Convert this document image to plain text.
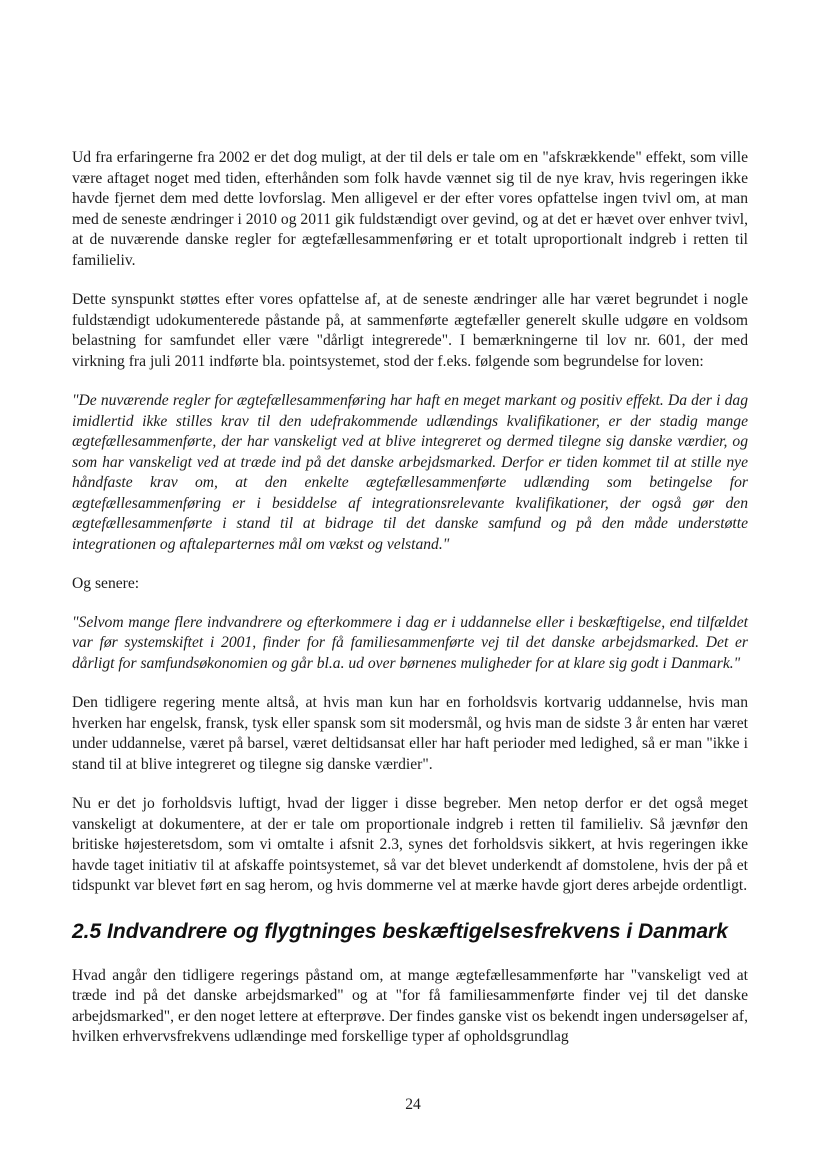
Ud fra erfaringerne fra 2002 er det dog muligt, at der til dels er tale om en "afskrækkende" effekt, som ville være aftaget noget med tiden, efterhånden som folk havde vænnet sig til de nye krav, hvis regeringen ikke havde fjernet dem med dette lovforslag. Men alligevel er der efter vores opfattelse ingen tvivl om, at man med de seneste ændringer i 2010 og 2011 gik fuldstændigt over gevind, og at det er hævet over enhver tvivl, at de nuværende danske regler for ægtefællesammenføring er et totalt uproportionalt indgreb i retten til familieliv.

Dette synspunkt støttes efter vores opfattelse af, at de seneste ændringer alle har været begrundet i nogle fuldstændigt udokumenterede påstande på, at sammenførte ægtefæller generelt skulle udgøre en voldsom belastning for samfundet eller være "dårligt integrerede". I bemærkningerne til lov nr. 601, der med virkning fra juli 2011 indførte bla. pointsystemet, stod der f.eks. følgende som begrundelse for loven:

"De nuværende regler for ægtefællesammenføring har haft en meget markant og positiv effekt. Da der i dag imidlertid ikke stilles krav til den udefrakommende udlændings kvalifikationer, er der stadig mange ægtefællesammenførte, der har vanskeligt ved at blive integreret og dermed tilegne sig danske værdier, og som har vanskeligt ved at træde ind på det danske arbejdsmarked. Derfor er tiden kommet til at stille nye håndfaste krav om, at den enkelte ægtefællesammenførte udlænding som betingelse for ægtefællesammenføring er i besiddelse af integrationsrelevante kvalifikationer, der også gør den ægtefællesammenførte i stand til at bidrage til det danske samfund og på den måde understøtte integrationen og aftaleparternes mål om vækst og velstand."

Og senere:

"Selvom mange flere indvandrere og efterkommere i dag er i uddannelse eller i beskæftigelse, end tilfældet var før systemskiftet i 2001, finder for få familiesammenførte vej til det danske arbejdsmarked. Det er dårligt for samfundsøkonomien og går bl.a. ud over børnenes muligheder for at klare sig godt i Danmark."

Den tidligere regering mente altså, at hvis man kun har en forholdsvis kortvarig uddannelse, hvis man hverken har engelsk, fransk, tysk eller spansk som sit modersmål, og hvis man de sidste 3 år enten har været under uddannelse, været på barsel, været deltidsansat eller har haft perioder med ledighed, så er man "ikke i stand til at blive integreret og tilegne sig danske værdier".

Nu er det jo forholdsvis luftigt, hvad der ligger i disse begreber. Men netop derfor er det også meget vanskeligt at dokumentere, at der er tale om proportionale indgreb i retten til familieliv. Så jævnfør den britiske højesteretsdom, som vi omtalte i afsnit 2.3, synes det forholdsvis sikkert, at hvis regeringen ikke havde taget initiativ til at afskaffe pointsystemet, så var det blevet underkendt af domstolene, hvis der på et tidspunkt var blevet ført en sag herom, og hvis dommerne vel at mærke havde gjort deres arbejde ordentligt.

2.5 Indvandrere og flygtninges beskæftigelsesfrekvens i Danmark

Hvad angår den tidligere regerings påstand om, at mange ægtefællesammenførte har "vanskeligt ved at træde ind på det danske arbejdsmarked" og at "for få familiesammenførte finder vej til det danske arbejdsmarked", er den noget lettere at efterprøve. Der findes ganske vist os bekendt ingen undersøgelser af, hvilken erhvervsfrekvens udlændinge med forskellige typer af opholdsgrundlag

24
